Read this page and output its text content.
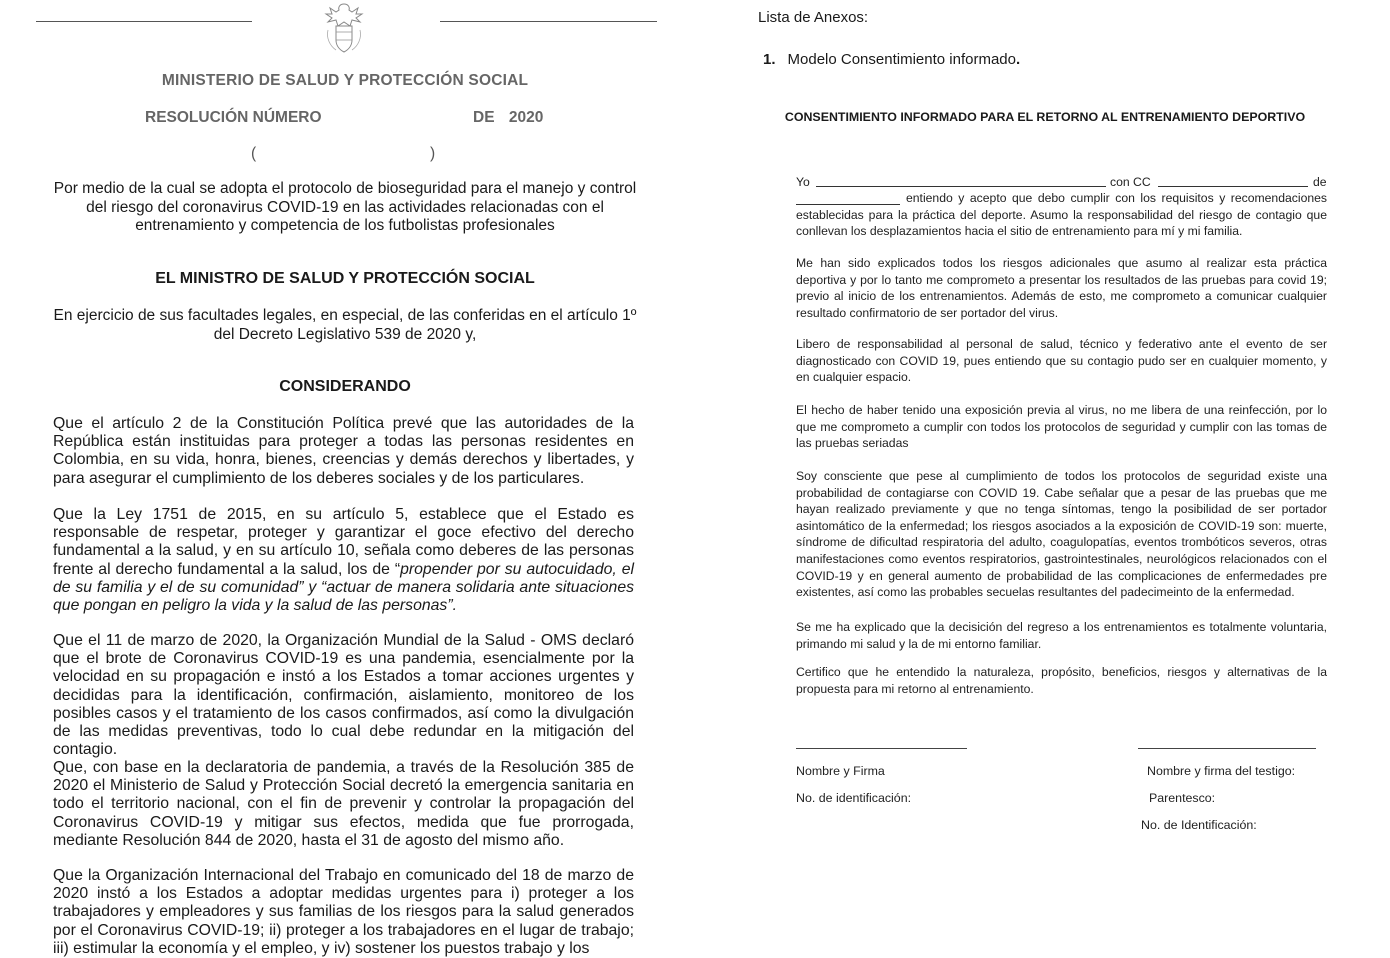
MINISTERIO DE SALUD Y PROTECCIÓN SOCIAL
RESOLUCIÓN NÚMERO	DE 2020
(	)
Por medio de la cual se adopta el protocolo de bioseguridad para el manejo y control del riesgo del coronavirus COVID-19 en las actividades relacionadas con el entrenamiento y competencia de los futbolistas profesionales
EL MINISTRO DE SALUD Y PROTECCIÓN SOCIAL
En ejercicio de sus facultades legales, en especial, de las conferidas en el artículo 1º del Decreto Legislativo 539 de 2020 y,
CONSIDERANDO
Que el artículo 2 de la Constitución Política prevé que las autoridades de la República están instituidas para proteger a todas las personas residentes en Colombia, en su vida, honra, bienes, creencias y demás derechos y libertades, y para asegurar el cumplimiento de los deberes sociales y de los particulares.
Que la Ley 1751 de 2015, en su artículo 5, establece que el Estado es responsable de respetar, proteger y garantizar el goce efectivo del derecho fundamental a la salud, y en su artículo 10, señala como deberes de las personas frente al derecho fundamental a la salud, los de “propender por su autocuidado, el de su familia y el de su comunidad” y “actuar de manera solidaria ante situaciones que pongan en peligro la vida y la salud de las personas”.
Que el 11 de marzo de 2020, la Organización Mundial de la Salud - OMS declaró que el brote de Coronavirus COVID-19 es una pandemia, esencialmente por la velocidad en su propagación e instó a los Estados a tomar acciones urgentes y decididas para la identificación, confirmación, aislamiento, monitoreo de los posibles casos y el tratamiento de los casos confirmados, así como la divulgación de las medidas preventivas, todo lo cual debe redundar en la mitigación del contagio.
Que, con base en la declaratoria de pandemia, a través de la Resolución 385 de 2020 el Ministerio de Salud y Protección Social decretó la emergencia sanitaria en todo el territorio nacional, con el fin de prevenir y controlar la propagación del Coronavirus COVID-19 y mitigar sus efectos, medida que fue prorrogada, mediante Resolución 844 de 2020, hasta el 31 de agosto del mismo año.
Que la Organización Internacional del Trabajo en comunicado del 18 de marzo de 2020 instó a los Estados a adoptar medidas urgentes para i) proteger a los trabajadores y empleadores y sus familias de los riesgos para la salud generados por el Coronavirus COVID-19; ii) proteger a los trabajadores en el lugar de trabajo; iii) estimular la economía y el empleo, y iv) sostener los puestos trabajo y los
Lista de Anexos:
1. Modelo Consentimiento informado.
CONSENTIMIENTO INFORMADO PARA EL RETORNO AL ENTRENAMIENTO DEPORTIVO
Yo	con CC	de
entiendo y acepto que debo cumplir con los requisitos y recomendaciones establecidas para la práctica del deporte. Asumo la responsabilidad del riesgo de contagio que conllevan los desplazamientos hacia el sitio de entrenamiento para mí y mi familia.
Me han sido explicados todos los riesgos adicionales que asumo al realizar esta práctica deportiva y por lo tanto me comprometo a presentar los resultados de las pruebas para covid 19; previo al inicio de los entrenamientos. Además de esto, me comprometo a comunicar cualquier resultado confirmatorio de ser portador del virus.
Libero de responsabilidad al personal de salud, técnico y federativo ante el evento de ser diagnosticado con COVID 19, pues entiendo que su contagio pudo ser en cualquier momento, y en cualquier espacio.
El hecho de haber tenido una exposición previa al virus, no me libera de una reinfección, por lo que me comprometo a cumplir con todos los protocolos de seguridad y cumplir con las tomas de las pruebas seriadas
Soy consciente que pese al cumplimiento de todos los protocolos de seguridad existe una probabilidad de contagiarse con COVID 19. Cabe señalar que a pesar de las pruebas que me hayan realizado previamente y que no tenga síntomas, tengo la posibilidad de ser portador asintomático de la enfermedad; los riesgos asociados a la exposición de COVID-19 son: muerte, síndrome de dificultad respiratoria del adulto, coagulopatías, eventos trombóticos severos, otras manifestaciones como eventos respiratorios, gastrointestinales, neurológicos relacionados con el COVID-19 y en general aumento de probabilidad de las complicaciones de enfermedades pre existentes, así como las probables secuelas resultantes del padecimeinto de la enfermedad.
Se me ha explicado que la decisición del regreso a los entrenamientos es totalmente voluntaria, primando mi salud y la de mi entorno familiar.
Certifico que he entendido la naturaleza, propósito, beneficios, riesgos y alternativas de la propuesta para mi retorno al entrenamiento.
Nombre y Firma
No. de identificación:
Nombre y firma del testigo:
Parentesco:
No. de Identificación:
